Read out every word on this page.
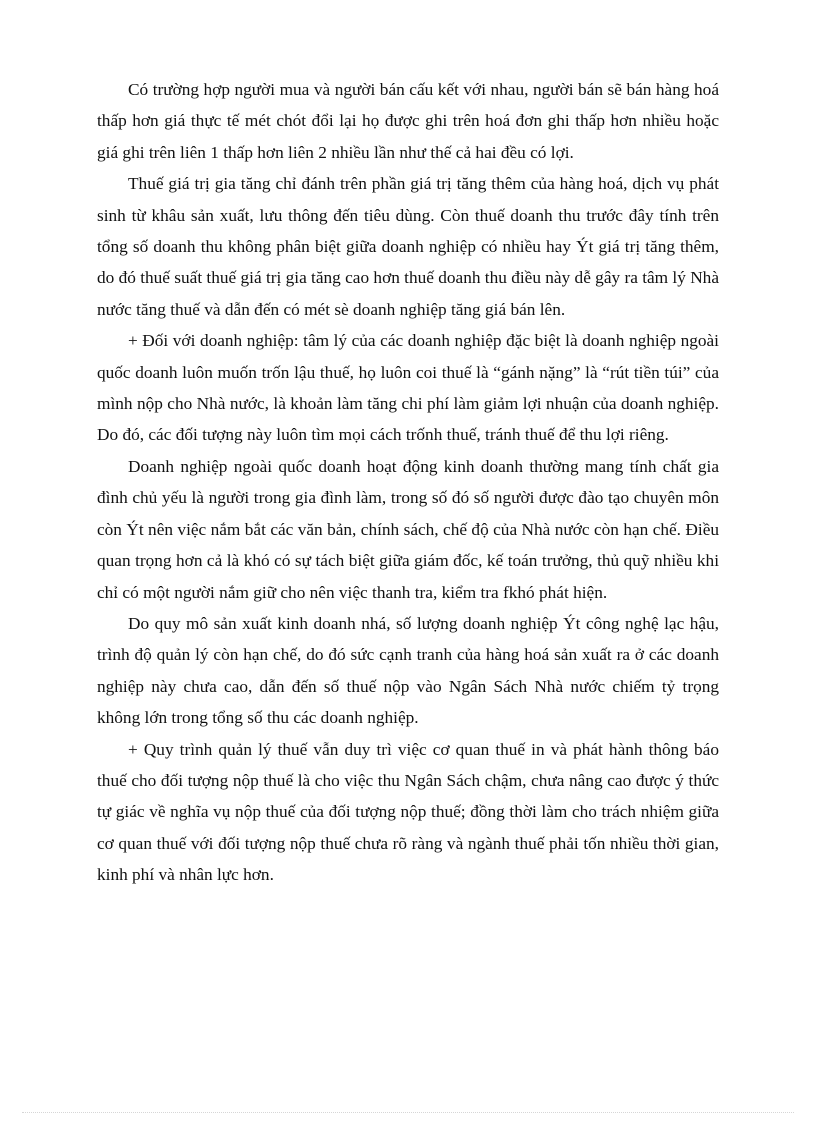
Có trường hợp người mua và người bán cấu kết với nhau, người bán sẽ bán hàng hoá thấp hơn giá thực tế mét chót đổi lại họ được ghi trên hoá đơn ghi thấp hơn nhiều hoặc giá ghi trên liên 1 thấp hơn liên 2 nhiều lần như thế cả hai đều có lợi.

Thuế giá trị gia tăng chỉ đánh trên phần giá trị tăng thêm của hàng hoá, dịch vụ phát sinh từ khâu sản xuất, lưu thông đến tiêu dùng. Còn thuế doanh thu trước đây tính trên tổng số doanh thu không phân biệt giữa doanh nghiệp có nhiều hay Ýt giá trị tăng thêm, do đó thuế suất thuế giá trị gia tăng cao hơn thuế doanh thu điều này dễ gây ra tâm lý Nhà nước tăng thuế và dẫn đến có mét sè doanh nghiệp tăng giá bán lên.

+ Đối với doanh nghiệp: tâm lý của các doanh nghiệp đặc biệt là doanh nghiệp ngoài quốc doanh luôn muốn trốn lậu thuế, họ luôn coi thuế là “gánh nặng” là “rút tiền túi” của mình nộp cho Nhà nước, là khoản làm tăng chi phí làm giảm lợi nhuận của doanh nghiệp. Do đó, các đối tượng này luôn tìm mọi cách trốnh thuế, tránh thuế để thu lợi riêng.

Doanh nghiệp ngoài quốc doanh hoạt động kinh doanh thường mang tính chất gia đình chủ yếu là người trong gia đình làm, trong số đó số người được đào tạo chuyên môn còn Ýt nên việc nắm bắt các văn bản, chính sách, chế độ của Nhà nước còn hạn chế. Điều quan trọng hơn cả là khó có sự tách biệt giữa giám đốc, kế toán trưởng, thủ quỹ nhiều khi chỉ có một người nắm giữ cho nên việc thanh tra, kiểm tra fkhó phát hiện.

Do quy mô sản xuất kinh doanh nhá, số lượng doanh nghiệp Ýt công nghệ lạc hậu, trình độ quản lý còn hạn chế, do đó sức cạnh tranh của hàng hoá sản xuất ra ở các doanh nghiệp này chưa cao, dẫn đến số thuế nộp vào Ngân Sách Nhà nước chiếm tỷ trọng không lớn trong tổng số thu các doanh nghiệp.

+ Quy trình quản lý thuế vẫn duy trì việc cơ quan thuế in và phát hành thông báo thuế cho đối tượng nộp thuế là cho việc thu Ngân Sách chậm, chưa nâng cao được ý thức tự giác về nghĩa vụ nộp thuế của đối tượng nộp thuế; đồng thời làm cho trách nhiệm giữa cơ quan thuế với đối tượng nộp thuế chưa rõ ràng và ngành thuế phải tốn nhiều thời gian, kinh phí và nhân lực hơn.
